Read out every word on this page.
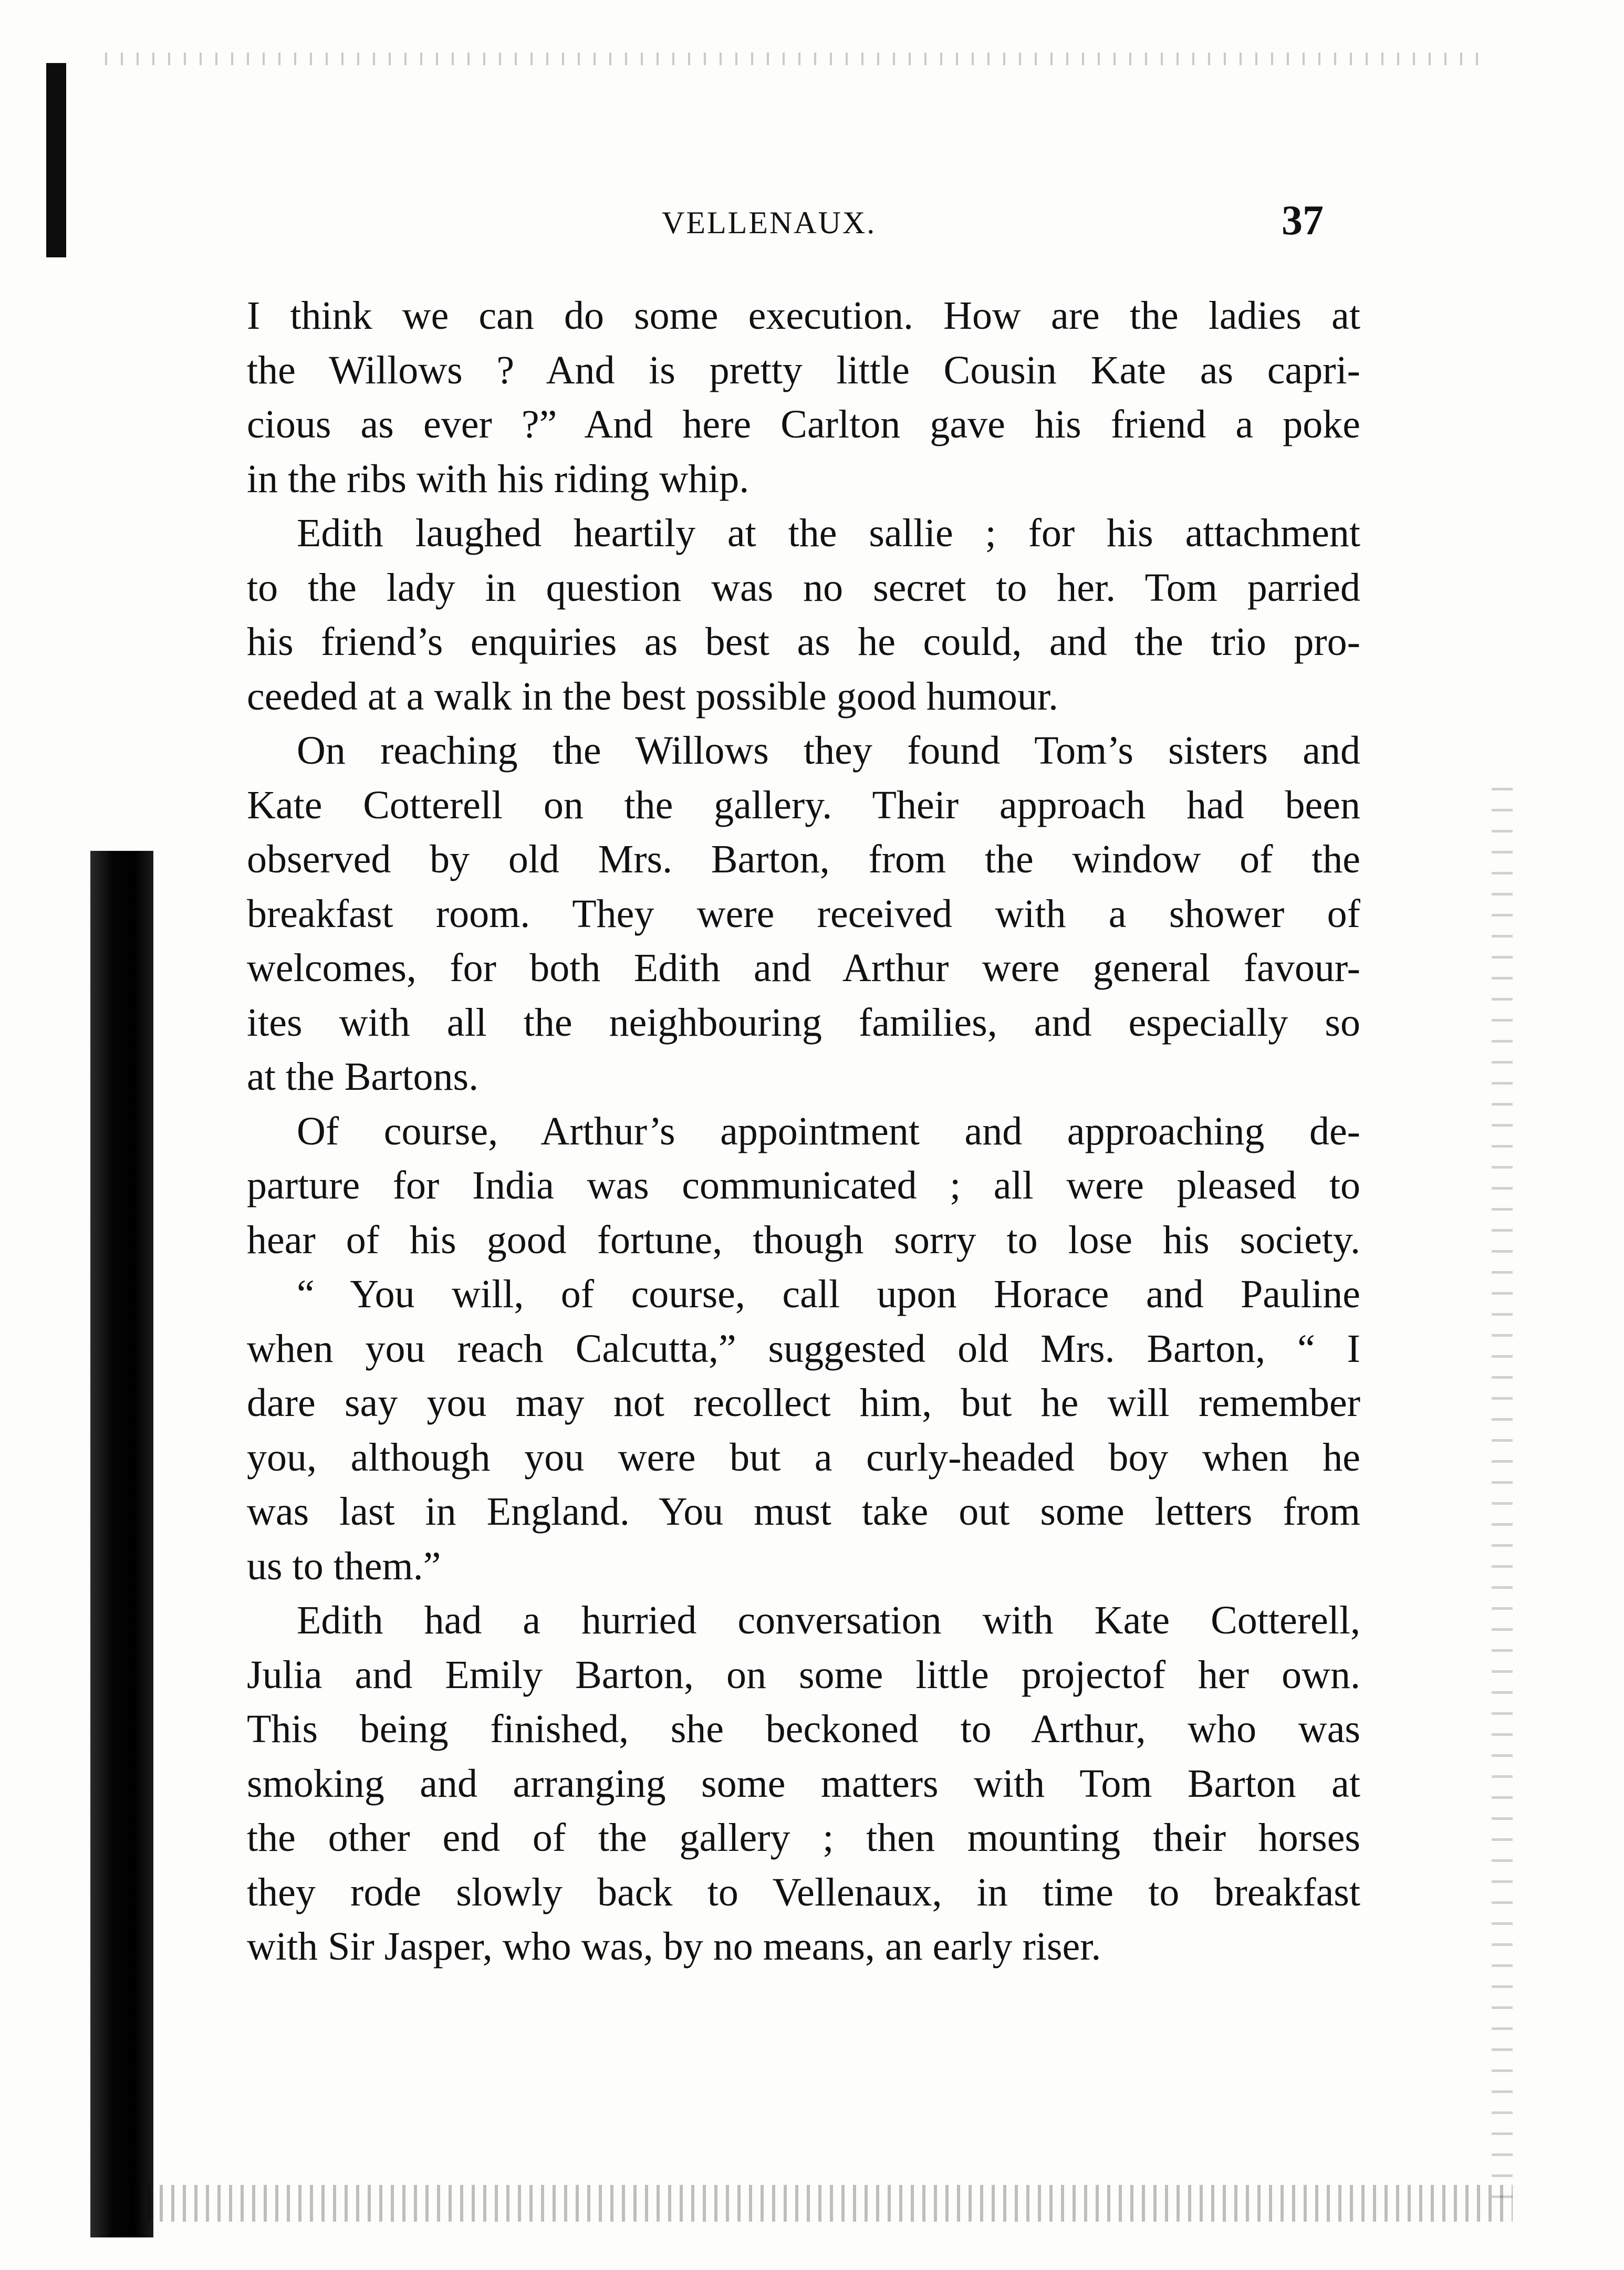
VELLENAUX.	37
I think we can do some execution. How are the ladies at
the Willows ? And is pretty little Cousin Kate as capri-
cious as ever ?” And here Carlton gave his friend a poke
in the ribs with his riding whip.
Edith laughed heartily at the sallie ; for his attachment
to the lady in question was no secret to her. Tom parried
his friend’s enquiries as best as he could, and the trio pro-
ceeded at a walk in the best possible good humour.
On reaching the Willows they found Tom’s sisters and
Kate Cotterell on the gallery. Their approach had been
observed by old Mrs. Barton, from the window of the
breakfast room. They were received with a shower of
welcomes, for both Edith and Arthur were general favour-
ites with all the neighbouring families, and especially so
at the Bartons.
Of course, Arthur’s appointment and approaching de-
parture for India was communicated ; all were pleased to
hear of his good fortune, though sorry to lose his society.
“ You will, of course, call upon Horace and Pauline
when you reach Calcutta,” suggested old Mrs. Barton, “ I
dare say you may not recollect him, but he will remember
you, although you were but a curly-headed boy when he
was last in England. You must take out some letters from
us to them.”
Edith had a hurried conversation with Kate Cotterell,
Julia and Emily Barton, on some little projectof her own.
This being finished, she beckoned to Arthur, who was
smoking and arranging some matters with Tom Barton at
the other end of the gallery ; then mounting their horses
they rode slowly back to Vellenaux, in time to breakfast
with Sir Jasper, who was, by no means, an early riser.
